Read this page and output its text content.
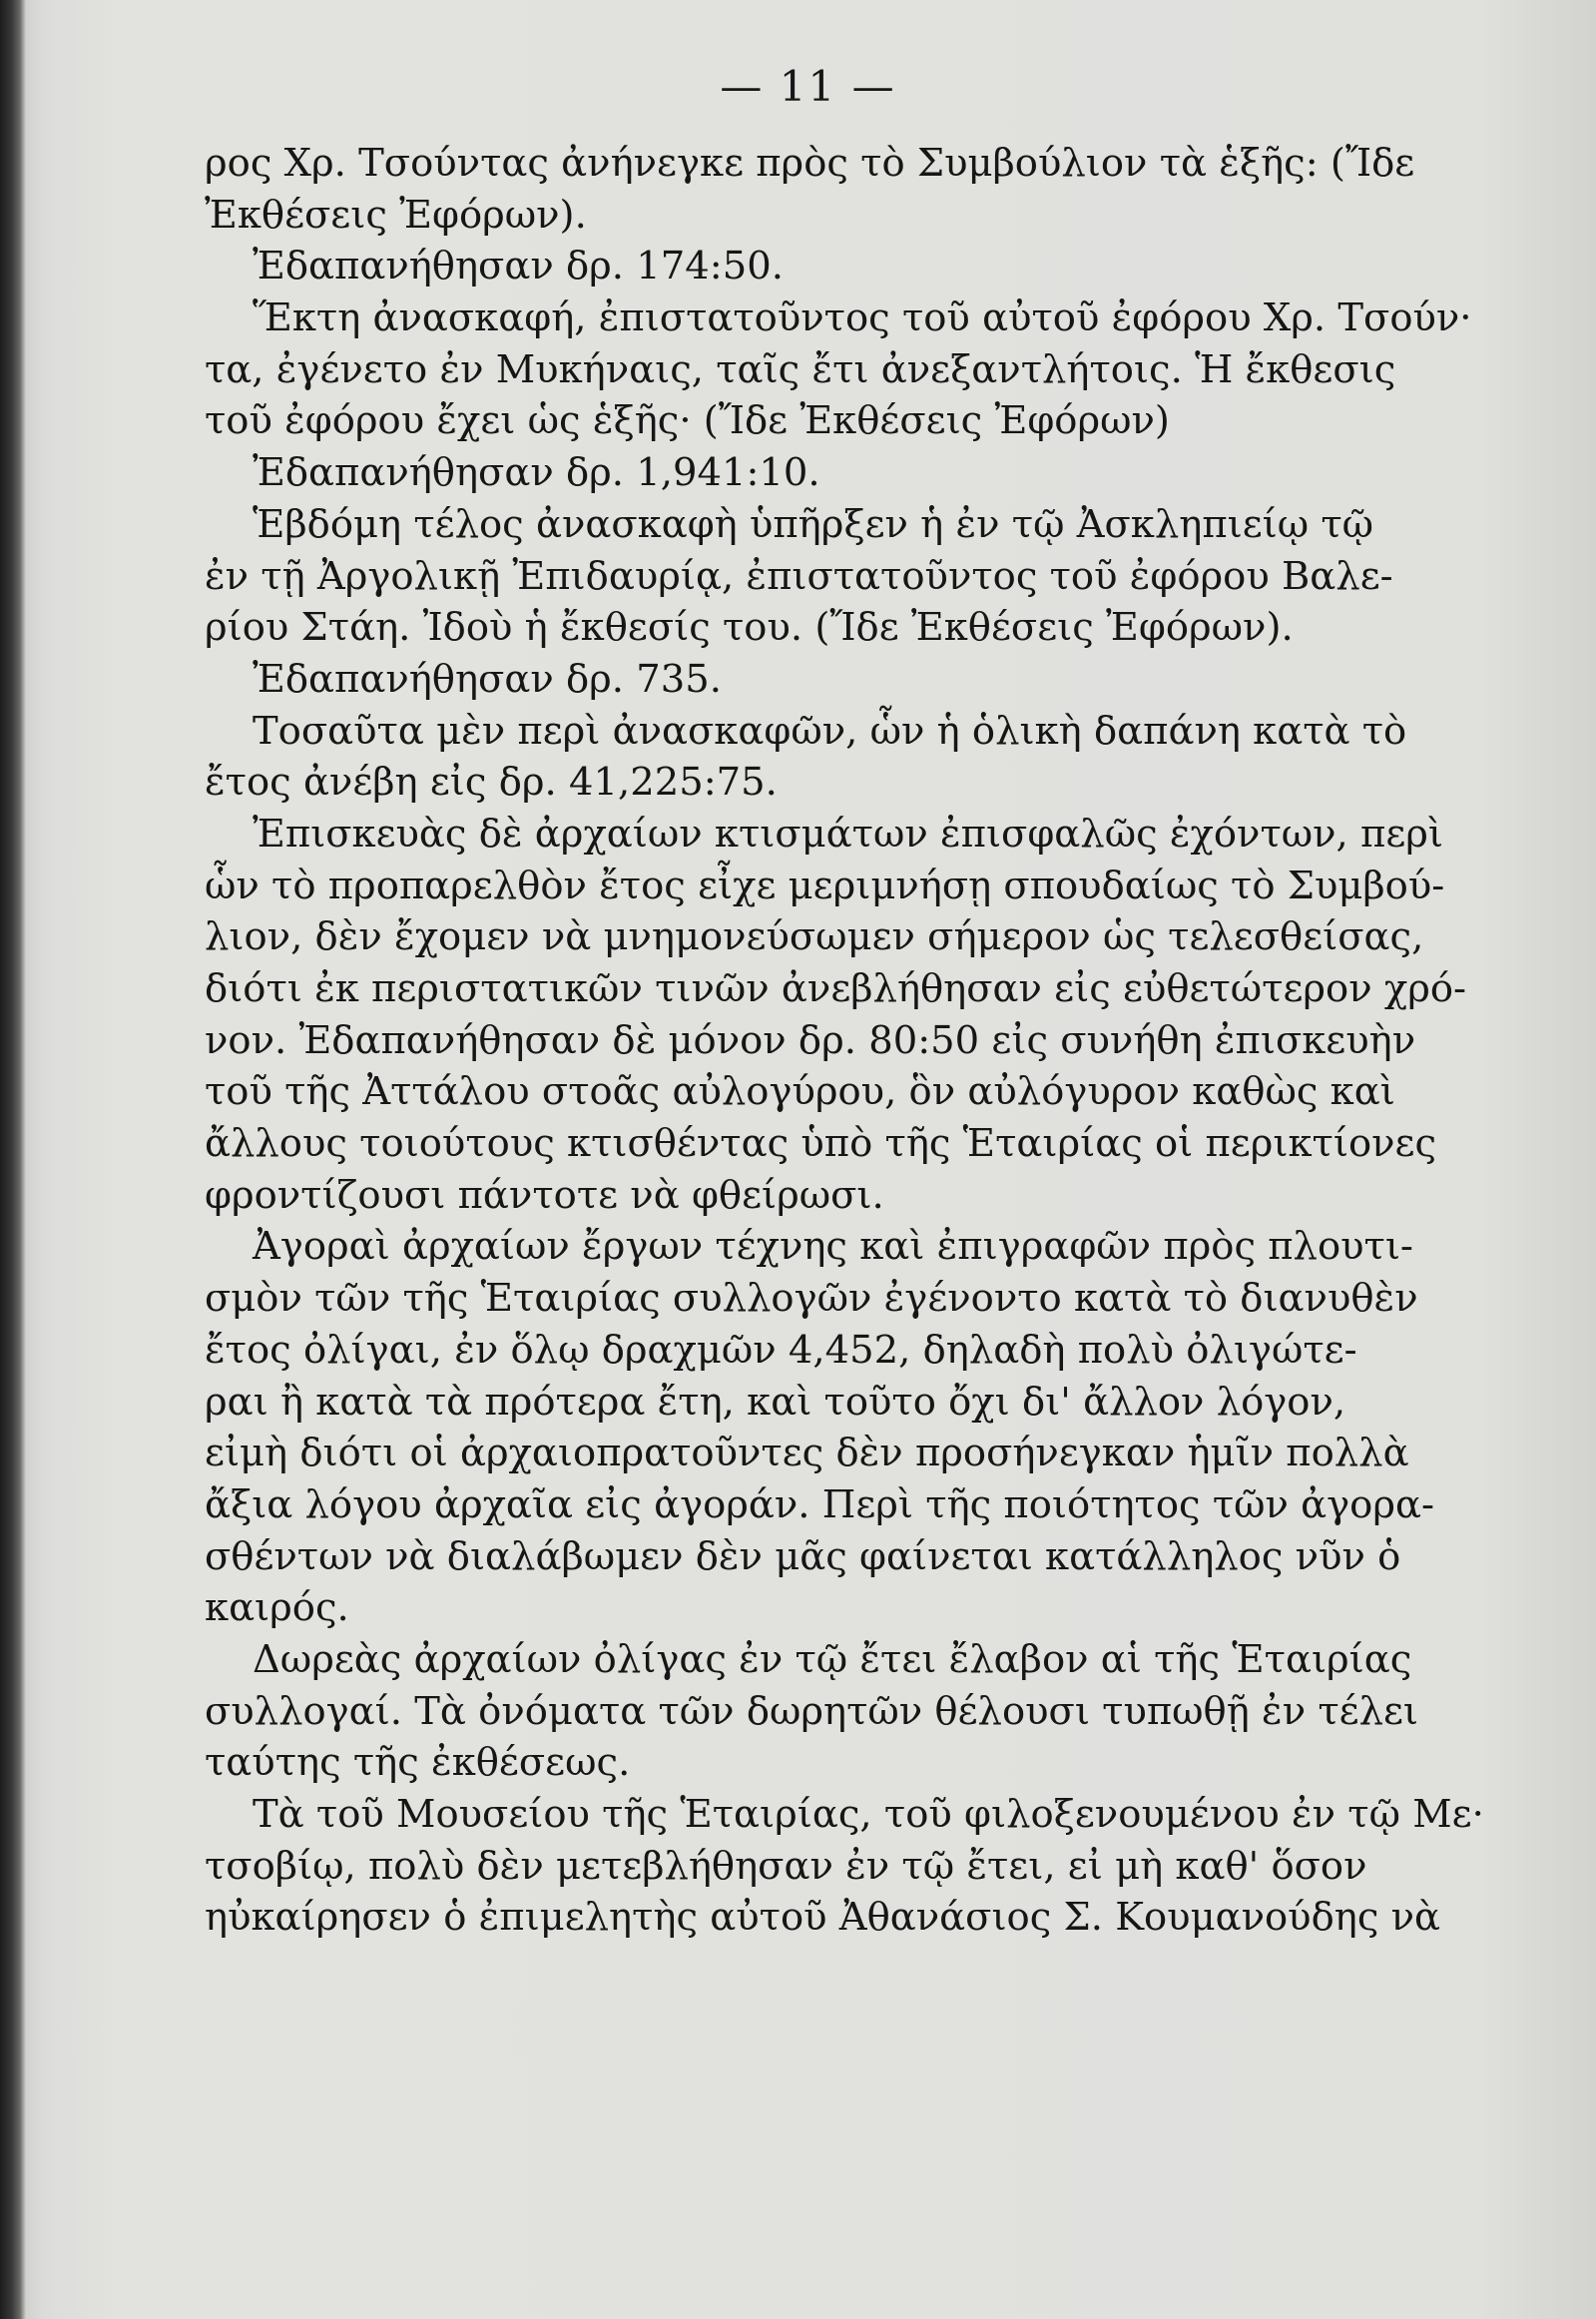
— 11 —
ρος Χρ. Τσούντας ἀνήνεγκε πρὸς τὸ Συμβούλιον τὰ ἑξῆς: (Ἴδε
Ἐκθέσεις Ἐφόρων).
Ἐδαπανήθησαν δρ. 174:50.
Ἕκτη ἀνασκαφή, ἐπιστατοῦντος τοῦ αὐτοῦ ἐφόρου Χρ. Τσούν·
τα, ἐγένετο ἐν Μυκήναις, ταῖς ἔτι ἀνεξαντλήτοις. Ἡ ἔκθεσις
τοῦ ἐφόρου ἔχει ὡς ἑξῆς· (Ἴδε Ἐκθέσεις Ἐφόρων)
Ἐδαπανήθησαν δρ. 1,941:10.
Ἑβδόμη τέλος ἀνασκαφὴ ὑπῆρξεν ἡ ἐν τῷ Ἀσκληπιείῳ τῷ
ἐν τῇ Ἀργολικῇ Ἐπιδαυρίᾳ, ἐπιστατοῦντος τοῦ ἐφόρου Βαλε-
ρίου Στάη. Ἰδοὺ ἡ ἔκθεσίς του. (Ἴδε Ἐκθέσεις Ἐφόρων).
Ἐδαπανήθησαν δρ. 735.
Τοσαῦτα μὲν περὶ ἀνασκαφῶν, ὧν ἡ ὁλικὴ δαπάνη κατὰ τὸ
ἔτος ἀνέβη εἰς δρ. 41,225:75.
Ἐπισκευὰς δὲ ἀρχαίων κτισμάτων ἐπισφαλῶς ἐχόντων, περὶ
ὧν τὸ προπαρελθὸν ἔτος εἶχε μεριμνήσῃ σπουδαίως τὸ Συμβού-
λιον, δὲν ἔχομεν νὰ μνημονεύσωμεν σήμερον ὡς τελεσθείσας,
διότι ἐκ περιστατικῶν τινῶν ἀνεβλήθησαν εἰς εὐθετώτερον χρό-
νον. Ἐδαπανήθησαν δὲ μόνον δρ. 80:50 εἰς συνήθη ἐπισκευὴν
τοῦ τῆς Ἀττάλου στοᾶς αὐλογύρου, ὃν αὐλόγυρον καθὼς καὶ
ἄλλους τοιούτους κτισθέντας ὑπὸ τῆς Ἑταιρίας οἱ περικτίονες
φροντίζουσι πάντοτε νὰ φθείρωσι.
Ἀγοραὶ ἀρχαίων ἔργων τέχνης καὶ ἐπιγραφῶν πρὸς πλουτι-
σμὸν τῶν τῆς Ἑταιρίας συλλογῶν ἐγένοντο κατὰ τὸ διανυθὲν
ἔτος ὀλίγαι, ἐν ὅλῳ δραχμῶν 4,452, δηλαδὴ πολὺ ὀλιγώτε-
ραι ἢ κατὰ τὰ πρότερα ἔτη, καὶ τοῦτο ὄχι δι' ἄλλον λόγον,
εἰμὴ διότι οἱ ἀρχαιοπρατοῦντες δὲν προσήνεγκαν ἡμῖν πολλὰ
ἄξια λόγου ἀρχαῖα εἰς ἀγοράν. Περὶ τῆς ποιότητος τῶν ἀγορα-
σθέντων νὰ διαλάβωμεν δὲν μᾶς φαίνεται κατάλληλος νῦν ὁ
καιρός.
Δωρεὰς ἀρχαίων ὀλίγας ἐν τῷ ἔτει ἔλαβον αἱ τῆς Ἑταιρίας
συλλογαί. Τὰ ὀνόματα τῶν δωρητῶν θέλουσι τυπωθῇ ἐν τέλει
ταύτης τῆς ἐκθέσεως.
Τὰ τοῦ Μουσείου τῆς Ἑταιρίας, τοῦ φιλοξενουμένου ἐν τῷ Με·
τσοβίῳ, πολὺ δὲν μετεβλήθησαν ἐν τῷ ἔτει, εἰ μὴ καθ' ὅσον
ηὐκαίρησεν ὁ ἐπιμελητὴς αὐτοῦ Ἀθανάσιος Σ. Κουμανούδης νὰ
